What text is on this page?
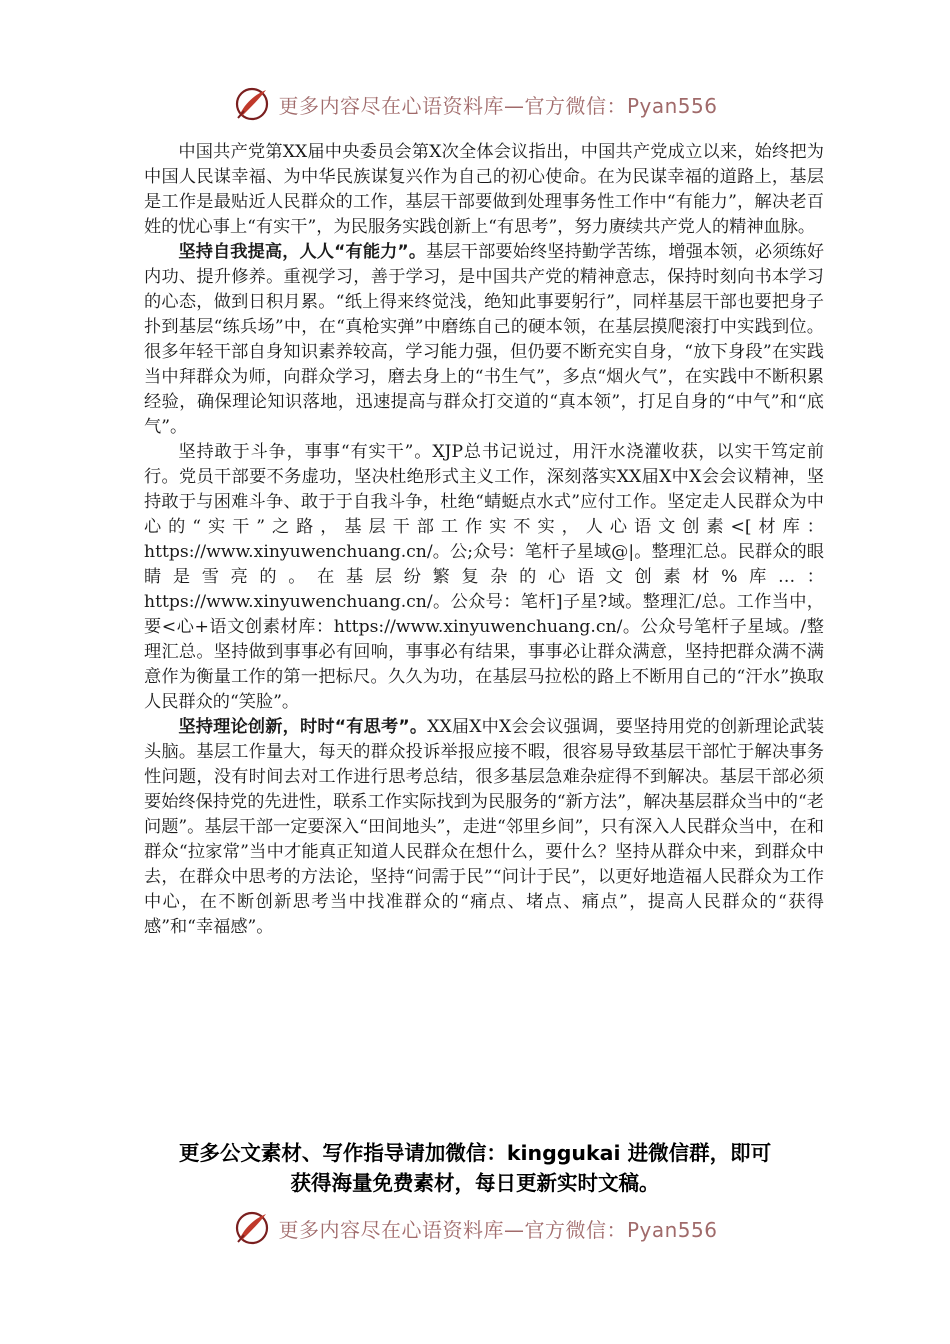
更多内容尽在心语资料库—官方微信：Pyan556

中国共产党第XX届中央委员会第X次全体会议指出，中国共产党成立以来，始终把为中国人民谋幸福、为中华民族谋复兴作为自己的初心使命。在为民谋幸福的道路上，基层是工作是最贴近人民群众的工作，基层干部要做到处理事务性工作中“有能力”，解决老百姓的忧心事上“有实干”，为民服务实践创新上“有思考”，努力赓续共产党人的精神血脉。

坚持自我提高，人人“有能力”。基层干部要始终坚持勤学苦练，增强本领，必须练好内功、提升修养。重视学习，善于学习，是中国共产党的精神意志，保持时刻向书本学习的心态，做到日积月累。“纸上得来终觉浅，绝知此事要躬行”，同样基层干部也要把身子扑到基层“练兵场”中，在“真枪实弹”中磨练自己的硬本领，在基层摸爬滚打中实践到位。很多年轻干部自身知识素养较高，学习能力强，但仍要不断充实自身，“放下身段”在实践当中拜群众为师，向群众学习，磨去身上的“书生气”，多点“烟火气”，在实践中不断积累经验，确保理论知识落地，迅速提高与群众打交道的“真本领”，打足自身的“中气”和“底气”。

坚持敢于斗争，事事“有实干”。XJP总书记说过，用汗水浇灌收获，以实干笃定前行。党员干部要不务虚功，坚决杜绝形式主义工作，深刻落实XX届X中X会会议精神，坚持敢于与困难斗争、敢于于自我斗争，杜绝“蜻蜓点水式”应付工作。坚定走人民群众为中心的“实干”之路，基层干部工作实不实，人心语文创素<[材库：https://www.xinyuwenchuang.cn/。公;众号：笔杆子星域@|。整理汇总。民群众的眼睛是雪亮的。在基层纷繁复杂的心语文创素材%库…：https://www.xinyuwenchuang.cn/。公众号：笔杆]子星?域。整理汇/总。工作当中，要<心+语文创素材库：https://www.xinyuwenchuang.cn/。公众号笔杆子星域。/整理汇总。坚持做到事事必有回响，事事必有结果，事事必让群众满意，坚持把群众满不满意作为衡量工作的第一把标尺。久久为功，在基层马拉松的路上不断用自己的“汗水”换取人民群众的“笑脸”。

坚持理论创新，时时“有思考”。XX届X中X会会议强调，要坚持用党的创新理论武装头脑。基层工作量大，每天的群众投诉举报应接不暇，很容易导致基层干部忙于解决事务性问题，没有时间去对工作进行思考总结，很多基层急难杂症得不到解决。基层干部必须要始终保持党的先进性，联系工作实际找到为民服务的“新方法”，解决基层群众当中的“老问题”。基层干部一定要深入“田间地头”，走进“邻里乡间”，只有深入人民群众当中，在和群众“拉家常”当中才能真正知道人民群众在想什么，要什么？坚持从群众中来，到群众中去，在群众中思考的方法论，坚持“问需于民”“问计于民”，以更好地造福人民群众为工作中心，在不断创新思考当中找准群众的“痛点、堵点、痛点”，提高人民群众的“获得感”和“幸福感”。

更多公文素材、写作指导请加微信：kinggukai 进微信群，即可
获得海量免费素材，每日更新实时文稿。
更多内容尽在心语资料库—官方微信：Pyan556
